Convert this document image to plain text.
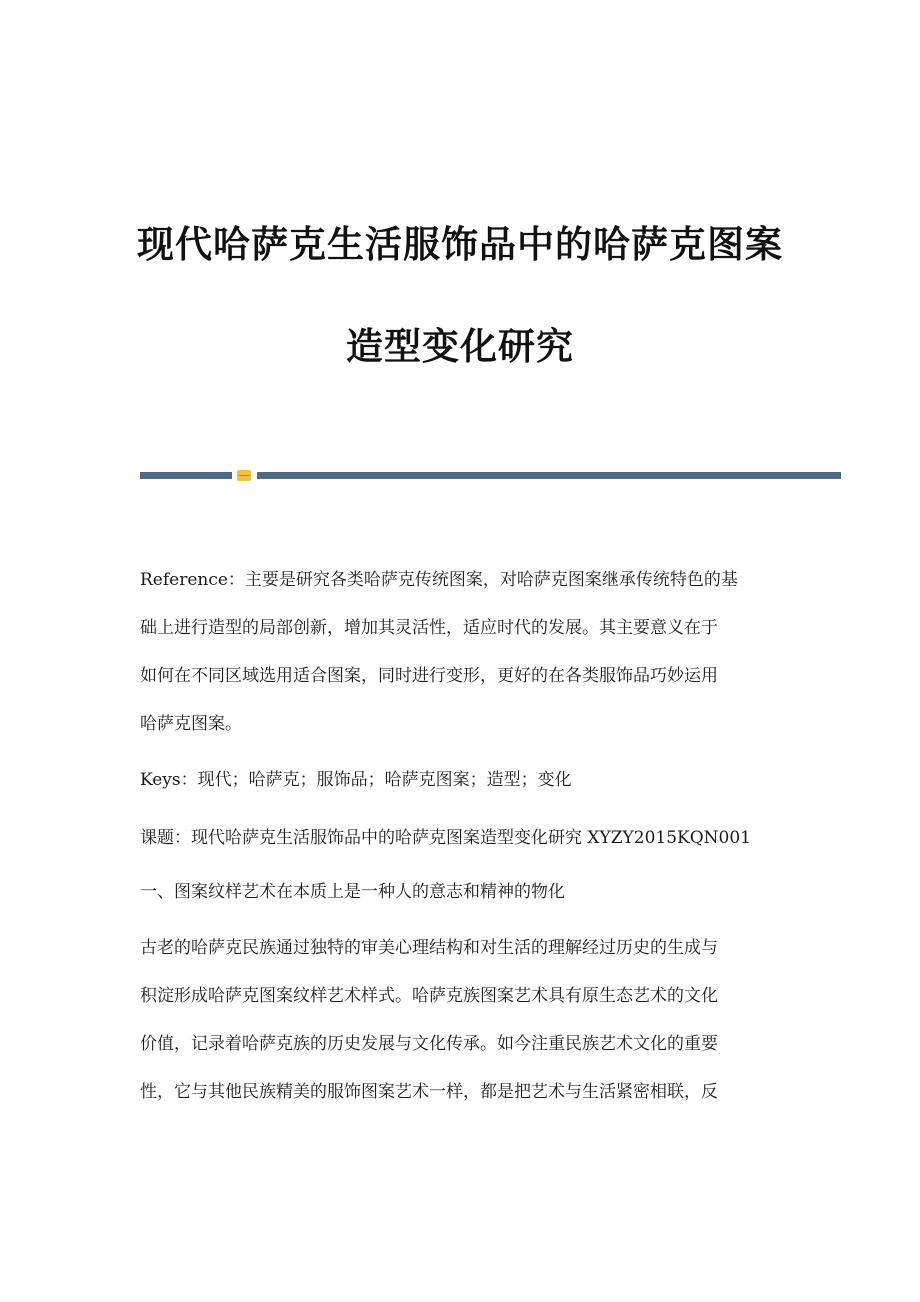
现代哈萨克生活服饰品中的哈萨克图案
造型变化研究
Reference：主要是研究各类哈萨克传统图案，对哈萨克图案继承传统特色的基
础上进行造型的局部创新，增加其灵活性，适应时代的发展。其主要意义在于
如何在不同区域选用适合图案，同时进行变形，更好的在各类服饰品巧妙运用
哈萨克图案。
Keys：现代；哈萨克；服饰品；哈萨克图案；造型；变化
课题：现代哈萨克生活服饰品中的哈萨克图案造型变化研究 XYZY2015KQN001
一、图案纹样艺术在本质上是一种人的意志和精神的物化
古老的哈萨克民族通过独特的审美心理结构和对生活的理解经过历史的生成与
积淀形成哈萨克图案纹样艺术样式。哈萨克族图案艺术具有原生态艺术的文化
价值，记录着哈萨克族的历史发展与文化传承。如今注重民族艺术文化的重要
性，它与其他民族精美的服饰图案艺术一样，都是把艺术与生活紧密相联，反
